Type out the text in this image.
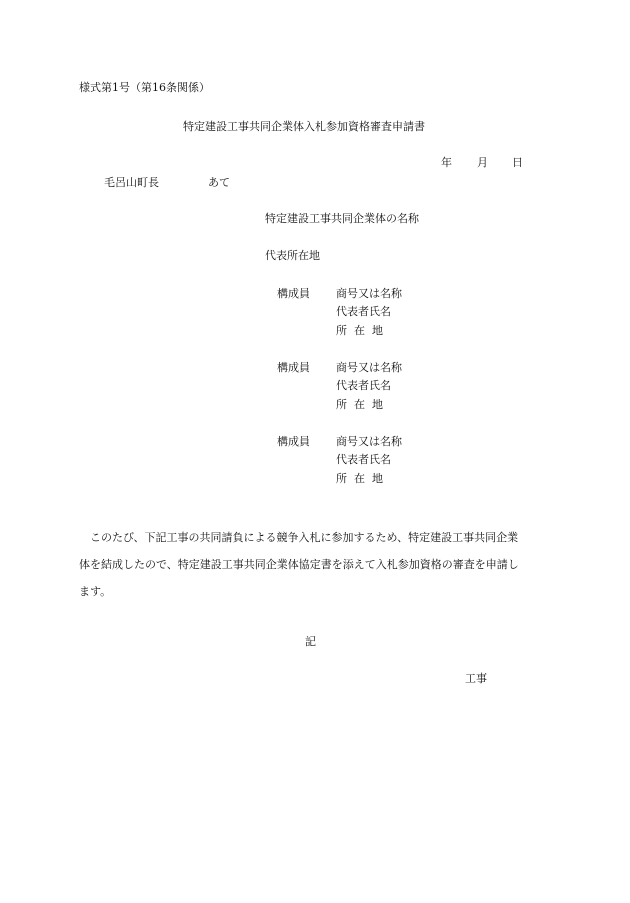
様式第1号（第16条関係）
特定建設工事共同企業体入札参加資格審査申請書
年 月 日
毛呂山町長	あて
特定建設工事共同企業体の名称
代表所在地
構成員 商号又は名称
代表者氏名
所在地
構成員 商号又は名称
代表者氏名
所在地
構成員 商号又は名称
代表者氏名
所在地
このたび、下記工事の共同請負による競争入札に参加するため、特定建設工事共同企業
体を結成したので、特定建設工事共同企業体協定書を添えて入札参加資格の審査を申請し
ます。
記
工事
